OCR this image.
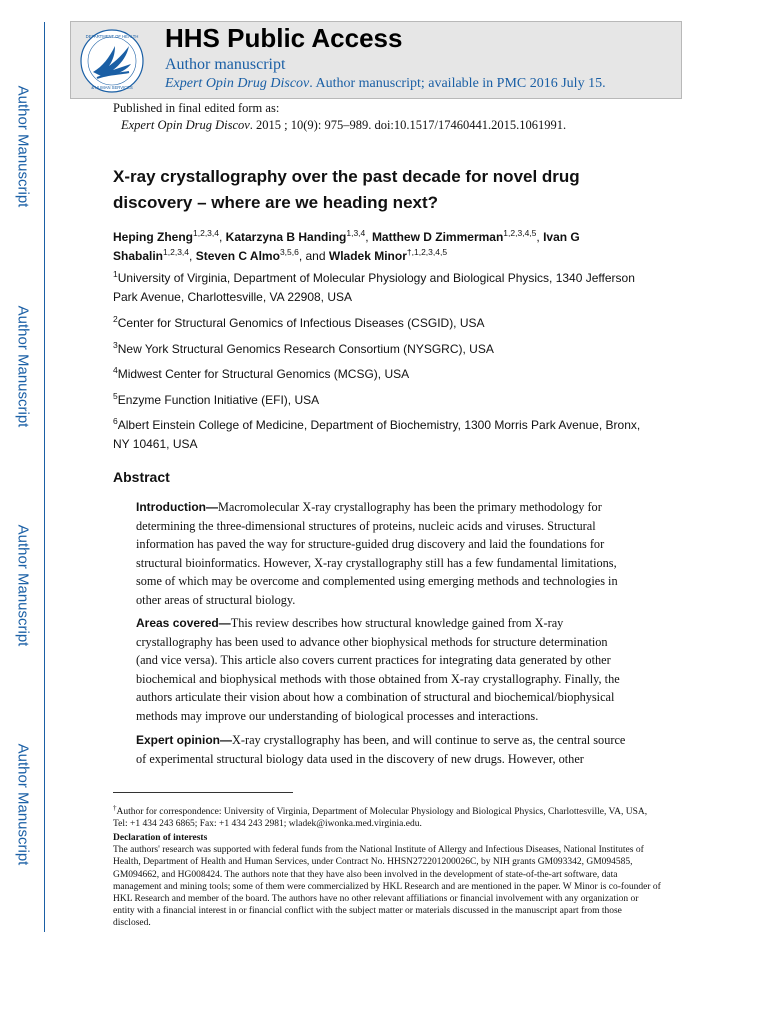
Author Manuscript
Author Manuscript
Author Manuscript
Author Manuscript
DEPARTMENT OF HEALTH
& HUMAN SERVICES
HHS Public Access
Author manuscript
Expert Opin Drug Discov. Author manuscript; available in PMC 2016 July 15.
Published in final edited form as:
Expert Opin Drug Discov. 2015 ; 10(9): 975–989. doi:10.1517/17460441.2015.1061991.
X-ray crystallography over the past decade for novel drug discovery – where are we heading next?
Heping Zheng$^{1,2,3,4}$, Katarzyna B Handing$^{1,3,4}$, Matthew D Zimmerman$^{1,2,3,4,5}$, Ivan G Shabalin$^{1,2,3,4}$, Steven C Almo$^{3,5,6}$, and Wladek Minor$^{\dagger,1,2,3,4,5}$
$^1$University of Virginia, Department of Molecular Physiology and Biological Physics, 1340 Jefferson Park Avenue, Charlottesville, VA 22908, USA
$^2$Center for Structural Genomics of Infectious Diseases (CSGID), USA
$^3$New York Structural Genomics Research Consortium (NYSGRC), USA
$^4$Midwest Center for Structural Genomics (MCSG), USA
$^5$Enzyme Function Initiative (EFI), USA
$^6$Albert Einstein College of Medicine, Department of Biochemistry, 1300 Morris Park Avenue, Bronx, NY 10461, USA
Abstract
Introduction—Macromolecular X-ray crystallography has been the primary methodology for determining the three-dimensional structures of proteins, nucleic acids and viruses. Structural information has paved the way for structure-guided drug discovery and laid the foundations for structural bioinformatics. However, X-ray crystallography still has a few fundamental limitations, some of which may be overcome and complemented using emerging methods and technologies in other areas of structural biology.
Areas covered—This review describes how structural knowledge gained from X-ray crystallography has been used to advance other biophysical methods for structure determination (and vice versa). This article also covers current practices for integrating data generated by other biochemical and biophysical methods with those obtained from X-ray crystallography. Finally, the authors articulate their vision about how a combination of structural and biochemical/biophysical methods may improve our understanding of biological processes and interactions.
Expert opinion—X-ray crystallography has been, and will continue to serve as, the central source of experimental structural biology data used in the discovery of new drugs. However, other
†Author for correspondence: University of Virginia, Department of Molecular Physiology and Biological Physics, Charlottesville, VA, USA, Tel: +1 434 243 6865; Fax: +1 434 243 2981; wladek@iwonka.med.virginia.edu.
Declaration of interests
The authors' research was supported with federal funds from the National Institute of Allergy and Infectious Diseases, National Institutes of Health, Department of Health and Human Services, under Contract No. HHSN272201200026C, by NIH grants GM093342, GM094585, GM094662, and HG008424. The authors note that they have also been involved in the development of state-of-the-art software, data management and mining tools; some of them were commercialized by HKL Research and are mentioned in the paper. W Minor is co-founder of HKL Research and member of the board. The authors have no other relevant affiliations or financial involvement with any organization or entity with a financial interest in or financial conflict with the subject matter or materials discussed in the manuscript apart from those disclosed.
